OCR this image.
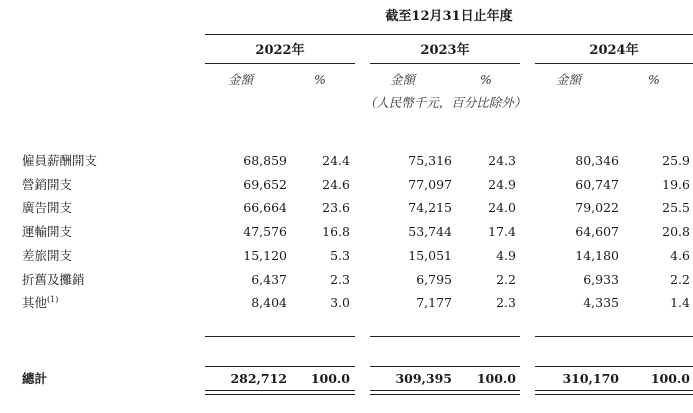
截至12月31日止年度
2022年	2023年	2024年
金額	%	金額	%	金額	%
（人民幣千元，百分比除外）
僱員薪酬開支	68,859	24.4	75,316	24.3	80,346	25.9
營銷開支	69,652	24.6	77,097	24.9	60,747	19.6
廣告開支	66,664	23.6	74,215	24.0	79,022	25.5
運輸開支	47,576	16.8	53,744	17.4	64,607	20.8
差旅開支	15,120	5.3	15,051	4.9	14,180	4.6
折舊及攤銷	6,437	2.3	6,795	2.2	6,933	2.2
其他$^{(1)}$	8,404	3.0	7,177	2.3	4,335	1.4
總計	282,712	100.0	309,395	100.0	310,170	100.0
